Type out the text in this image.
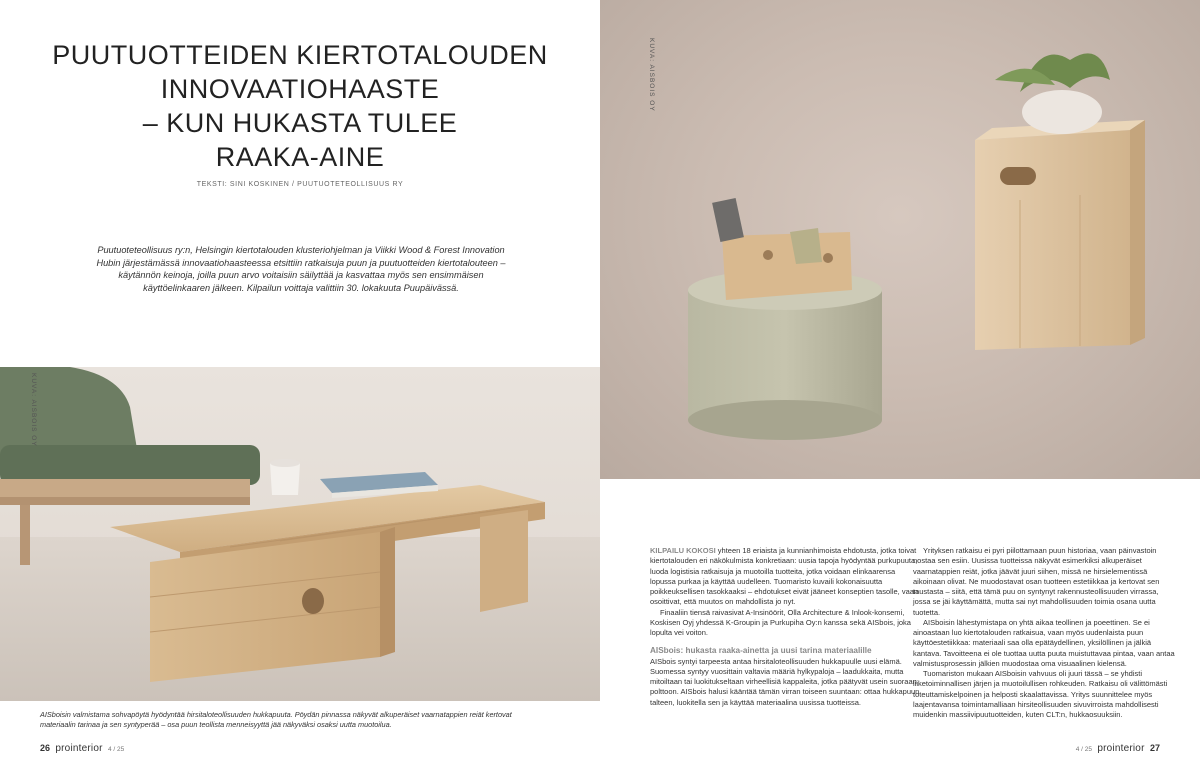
PUUTUOTTEIDEN KIERTOTALOUDEN
INNOVAATIOHAASTE
– KUN HUKASTA TULEE
RAAKA-AINE
TEKSTI: SINI KOSKINEN / PUUTUOTETEOLLISUUS RY

Puutuoteteollisuus ry:n, Helsingin kiertotalouden klusteriohjelman ja Viikki Wood & Forest Innovation Hubin järjestämässä innovaatiohaasteessa etsittiin ratkaisuja puun ja puutuotteiden kiertotalouteen – käytännön keinoja, joilla puun arvo voitaisiin säilyttää ja kasvattaa myös sen ensimmäisen käyttöelinkaaren jälkeen. Kilpailun voittaja valittiin 30. lokakuuta Puupäivässä.

KUVA: AISBOIS OY

AISboisin valmistama sohvapöytä hyödyntää hirsitaloteollisuuden hukkapuuta. Pöydän pinnassa näkyvät alkuperäiset vaarnatappien reiät kertovat materiaalin tarinaa ja sen syntyperää – osa puun teollista menneisyyttä jää näkyväksi osaksi uutta muotoilua.

26 prointerior 4 / 25
KUVA: AISBOIS OY

KILPAILU KOKOSI yhteen 18 eriaista ja kunnianhimoista ehdotusta, jotka toivat kiertotalouden eri näkökulmista konkretiaan: uusia tapoja hyödyntää purkupuuta, luoda logistisia ratkaisuja ja muotoilla tuotteita, jotka voidaan elinkaarensa lopussa purkaa ja käyttää uudelleen. Tuomaristo kuvaili kokonaisuutta poikkeuksellisen tasokkaaksi – ehdotukset eivät jääneet konseptien tasolle, vaan osoittivat, että muutos on mahdollista jo nyt.

Finaaliin tiensä raivasivat A-Insinöörit, Olla Architecture & Inlook-konsemi, Koskisen Oyj yhdessä K-Groupin ja Purkupiha Oy:n kanssa sekä AISbois, joka lopulta vei voiton.

AISbois: hukasta raaka-ainetta ja uusi tarina materiaalille

AISbois syntyi tarpeesta antaa hirsitaloteollisuuden hukkapuulle uusi elämä. Suomessa syntyy vuosittain valtavia määriä hylkypaloja – laadukkaita, mutta mitoiltaan tai luokitukseltaan virheellisiä kappaleita, jotka päätyvät usein suoraan polttoon. AISbois halusi kääntää tämän virran toiseen suuntaan: ottaa hukkapuun talteen, luokitella sen ja käyttää materiaalina uusissa tuotteissa.

Yrityksen ratkaisu ei pyri piilottamaan puun historiaa, vaan päinvastoin nostaa sen esiin. Uusissa tuotteissa näkyvät esimerkiksi alkuperäiset vaarnatappien reiät, jotka jäävät juuri siihen, missä ne hirsielementissä aikoinaan olivat. Ne muodostavat osan tuotteen estetiikkaa ja kertovat sen taustasta – siitä, että tämä puu on syntynyt rakennusteollisuuden virrassa, jossa se jäi käyttämättä, mutta sai nyt mahdollisuuden toimia osana uutta tuotetta.

AISboisin lähestymistapa on yhtä aikaa teollinen ja poeettinen. Se ei ainoastaan luo kiertotalouden ratkaisua, vaan myös uudenlaista puun käyttöestetiikkaa: materiaali saa olla epätäydellinen, yksilöllinen ja jälkiä kantava. Tavoitteena ei ole tuottaa uutta puuta muistuttavaa pintaa, vaan antaa valmistusprosessin jälkien muodostaa oma visuaalinen kielensä.

Tuomariston mukaan AISboisin vahvuus oli juuri tässä – se yhdisti liiketoiminnallisen järjen ja muotoilullisen rohkeuden. Ratkaisu oli välittömästi toteuttamiskelpoinen ja helposti skaalattavissa. Yritys suunnittelee myös laajentavansa toimintamalliaan hirsiteollisuuden sivuvirroista mahdollisesti muidenkin massiivipuutuotteiden, kuten CLT:n, hukkaosuuksiin.

4 / 25 prointerior 27
